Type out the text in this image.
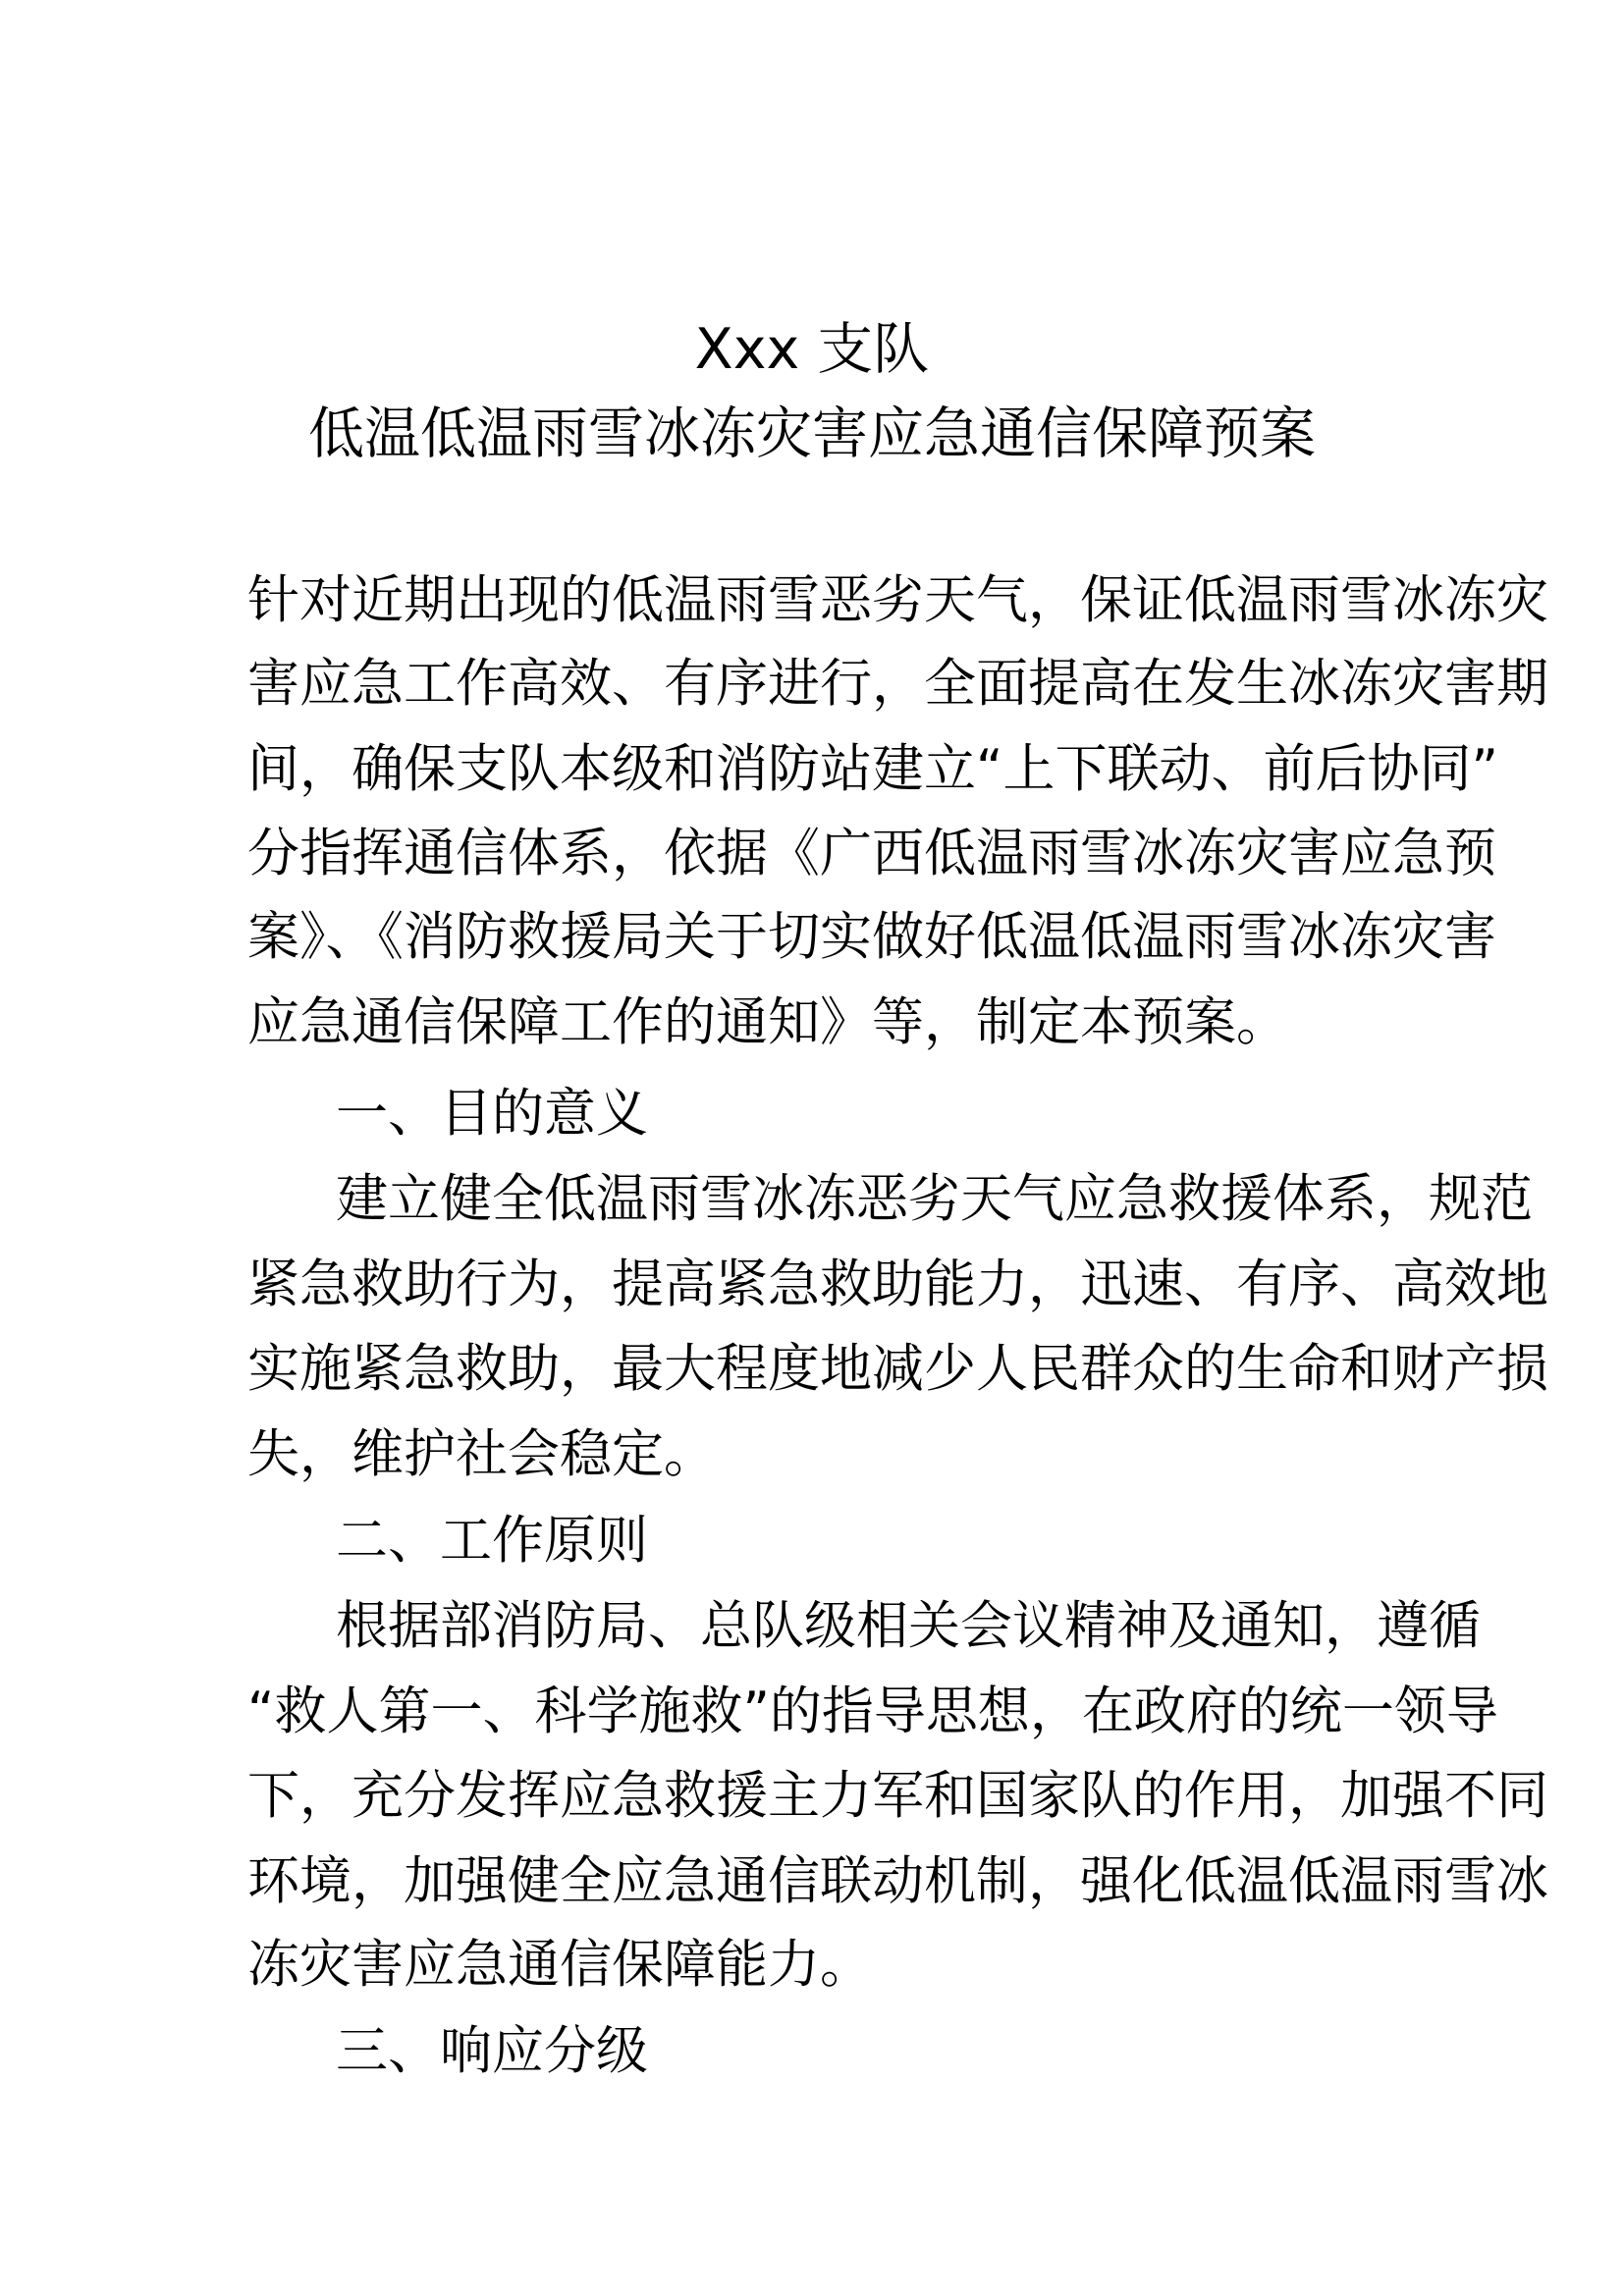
Xxx 支队
低温低温雨雪冰冻灾害应急通信保障预案
针对近期出现的低温雨雪恶劣天气，保证低温雨雪冰冻灾
害应急工作高效、有序进行，全面提高在发生冰冻灾害期
间，确保支队本级和消防站建立“上下联动、前后协同”
分指挥通信体系，依据《广西低温雨雪冰冻灾害应急预
案》、《消防救援局关于切实做好低温低温雨雪冰冻灾害
应急通信保障工作的通知》等，制定本预案。
一、目的意义
建立健全低温雨雪冰冻恶劣天气应急救援体系，规范
紧急救助行为，提高紧急救助能力，迅速、有序、高效地
实施紧急救助，最大程度地减少人民群众的生命和财产损
失，维护社会稳定。
二、工作原则
根据部消防局、总队级相关会议精神及通知，遵循
“救人第一、科学施救”的指导思想，在政府的统一领导
下，充分发挥应急救援主力军和国家队的作用，加强不同
环境，加强健全应急通信联动机制，强化低温低温雨雪冰
冻灾害应急通信保障能力。
三、响应分级
